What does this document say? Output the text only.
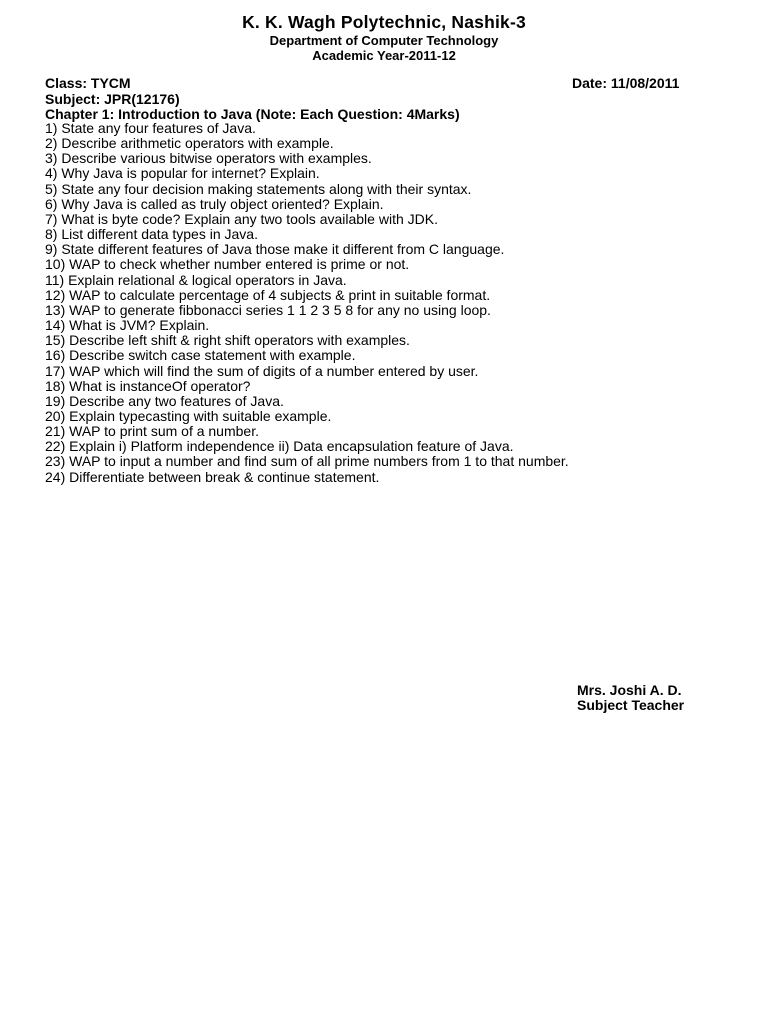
K. K. Wagh Polytechnic, Nashik-3
Department of Computer Technology
Academic Year-2011-12
Class: TYCM	Date: 11/08/2011
Subject: JPR(12176)
Chapter 1: Introduction to Java (Note: Each Question: 4Marks)
1) State any four features of Java.
2) Describe arithmetic operators with example.
3) Describe various bitwise operators with examples.
4) Why Java is popular for internet? Explain.
5) State any four decision making statements along with their syntax.
6) Why Java is called as truly object oriented? Explain.
7) What is byte code? Explain any two tools available with JDK.
8) List different data types in Java.
9) State different features of Java those make it different from C language.
10) WAP to check whether number entered is prime or not.
11) Explain relational & logical operators in Java.
12) WAP to calculate percentage of 4 subjects & print in suitable format.
13) WAP to generate fibbonacci series 1 1 2 3 5 8 for any no using loop.
14) What is JVM? Explain.
15) Describe left shift & right shift operators with examples.
16) Describe switch case statement with example.
17) WAP which will find the sum of digits of a number entered by user.
18) What is instanceOf operator?
19) Describe any two features of Java.
20) Explain typecasting with suitable example.
21) WAP to print sum of a number.
22) Explain i) Platform independence ii) Data encapsulation feature of Java.
23) WAP to input a number and find sum of all prime numbers from 1 to that number.
24) Differentiate between break & continue statement.
Mrs. Joshi A. D.
Subject Teacher
